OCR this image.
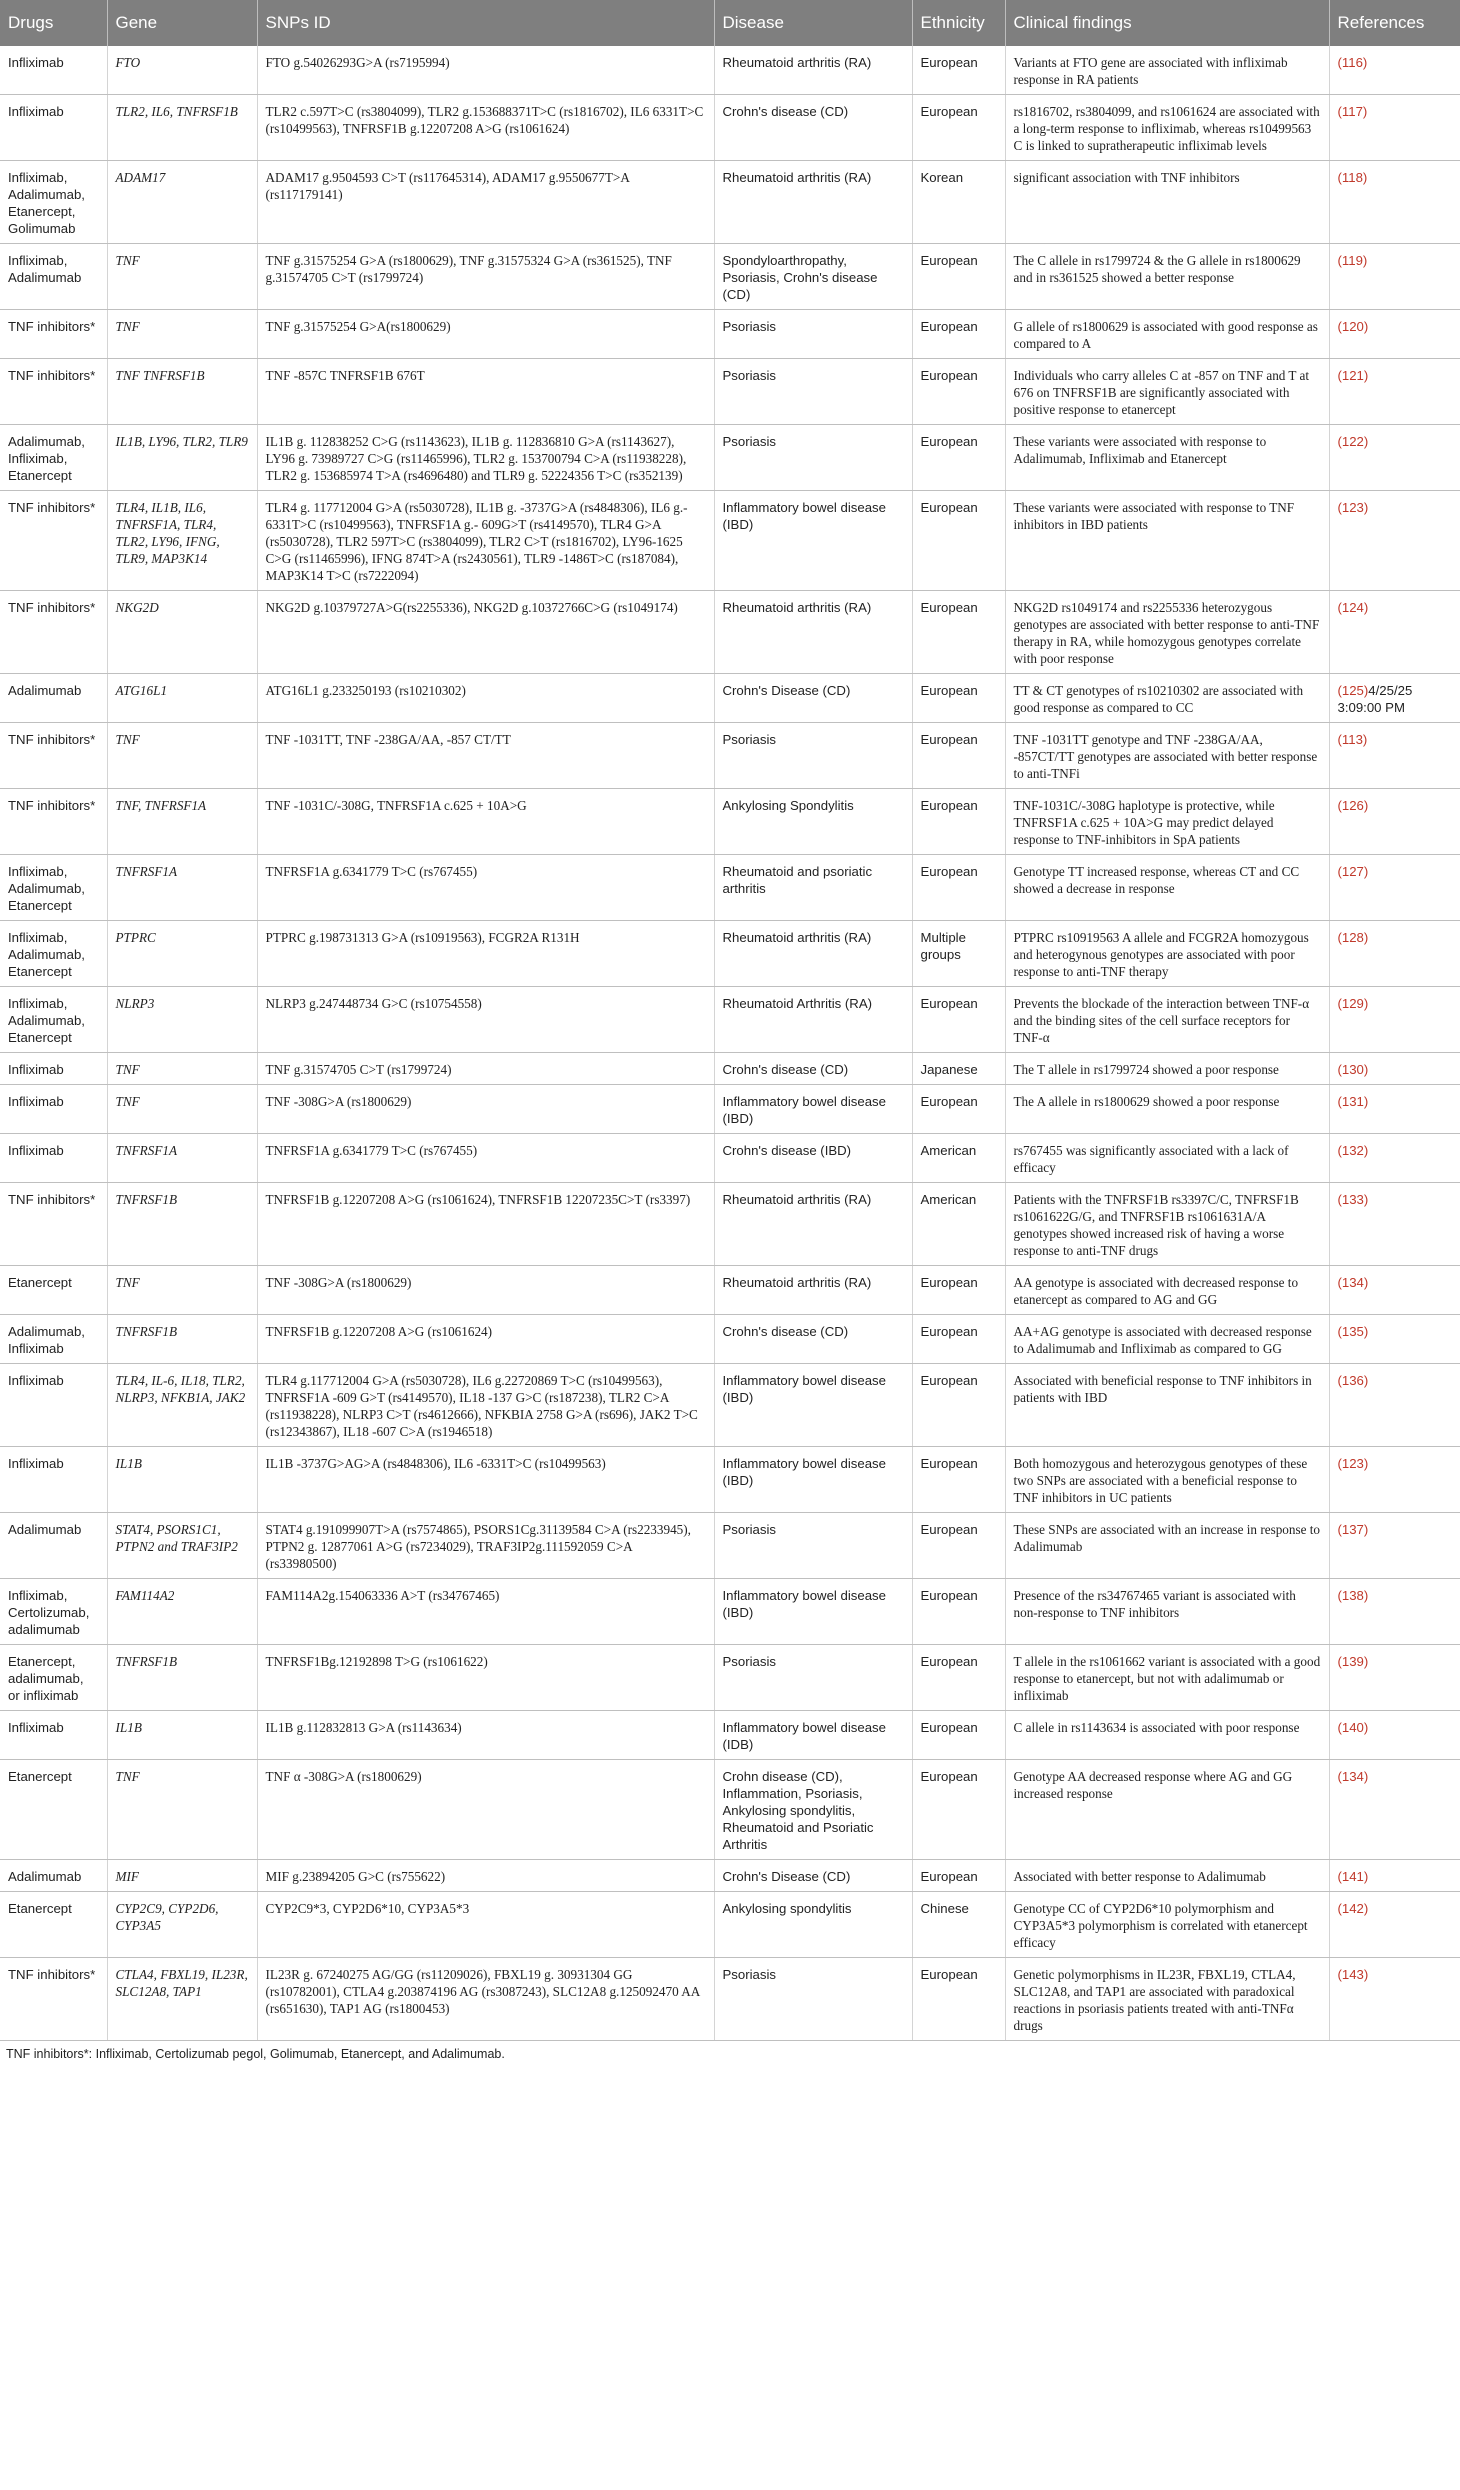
Drugs	Gene	SNPs ID	Disease	Ethnicity	Clinical findings	References
Infliximab	FTO	FTO g.54026293G>A (rs7195994)	Rheumatoid arthritis (RA)	European	Variants at FTO gene are associated with infliximab response in RA patients	(116)
Infliximab	TLR2, IL6, TNFRSF1B	TLR2 c.597T>C (rs3804099), TLR2 g.153688371T>C (rs1816702), IL6 6331T>C (rs10499563), TNFRSF1B g.12207208 A>G (rs1061624)	Crohn's disease (CD)	European	rs1816702, rs3804099, and rs1061624 are associated with a long-term response to infliximab, whereas rs10499563 C is linked to supratherapeutic infliximab levels	(117)
Infliximab, Adalimumab, Etanercept, Golimumab	ADAM17	ADAM17 g.9504593 C>T (rs117645314), ADAM17 g.9550677T>A (rs117179141)	Rheumatoid arthritis (RA)	Korean	significant association with TNF inhibitors	(118)
Infliximab, Adalimumab	TNF	TNF g.31575254 G>A (rs1800629), TNF g.31575324 G>A (rs361525), TNF g.31574705 C>T (rs1799724)	Spondyloarthropathy, Psoriasis, Crohn's disease (CD)	European	The C allele in rs1799724 & the G allele in rs1800629 and in rs361525 showed a better response	(119)
TNF inhibitors*	TNF	TNF g.31575254 G>A(rs1800629)	Psoriasis	European	G allele of rs1800629 is associated with good response as compared to A	(120)
TNF inhibitors*	TNF TNFRSF1B	TNF -857C TNFRSF1B 676T	Psoriasis	European	Individuals who carry alleles C at -857 on TNF and T at 676 on TNFRSF1B are significantly associated with positive response to etanercept	(121)
Adalimumab, Infliximab, Etanercept	IL1B, LY96, TLR2, TLR9	IL1B g. 112838252 C>G (rs1143623), IL1B g. 112836810 G>A (rs1143627), LY96 g. 73989727 C>G (rs11465996), TLR2 g. 153700794 C>A (rs11938228), TLR2 g. 153685974 T>A (rs4696480) and TLR9 g. 52224356 T>C (rs352139)	Psoriasis	European	These variants were associated with response to Adalimumab, Infliximab and Etanercept	(122)
TNF inhibitors*	TLR4, IL1B, IL6, TNFRSF1A, TLR4, TLR2, LY96, IFNG, TLR9, MAP3K14	TLR4 g. 117712004 G>A (rs5030728), IL1B g. -3737G>A (rs4848306), IL6 g.- 6331T>C (rs10499563), TNFRSF1A g.- 609G>T (rs4149570), TLR4 G>A (rs5030728), TLR2 597T>C (rs3804099), TLR2 C>T (rs1816702), LY96-1625 C>G (rs11465996), IFNG 874T>A (rs2430561), TLR9 -1486T>C (rs187084), MAP3K14 T>C (rs7222094)	Inflammatory bowel disease (IBD)	European	These variants were associated with response to TNF inhibitors in IBD patients	(123)
TNF inhibitors*	NKG2D	NKG2D g.10379727A>G(rs2255336), NKG2D g.10372766C>G (rs1049174)	Rheumatoid arthritis (RA)	European	NKG2D rs1049174 and rs2255336 heterozygous genotypes are associated with better response to anti-TNF therapy in RA, while homozygous genotypes correlate with poor response	(124)
Adalimumab	ATG16L1	ATG16L1 g.233250193 (rs10210302)	Crohn's Disease (CD)	European	TT & CT genotypes of rs10210302 are associated with good response as compared to CC	(125)4/25/25 3:09:00 PM
TNF inhibitors*	TNF	TNF -1031TT, TNF -238GA/AA, -857 CT/TT	Psoriasis	European	TNF -1031TT genotype and TNF -238GA/AA, -857CT/TT genotypes are associated with better response to anti-TNFi	(113)
TNF inhibitors*	TNF, TNFRSF1A	TNF -1031C/-308G, TNFRSF1A c.625 + 10A>G	Ankylosing Spondylitis	European	TNF-1031C/-308G haplotype is protective, while TNFRSF1A c.625 + 10A>G may predict delayed response to TNF-inhibitors in SpA patients	(126)
Infliximab, Adalimumab, Etanercept	TNFRSF1A	TNFRSF1A g.6341779 T>C (rs767455)	Rheumatoid and psoriatic arthritis	European	Genotype TT increased response, whereas CT and CC showed a decrease in response	(127)
Infliximab, Adalimumab, Etanercept	PTPRC	PTPRC g.198731313 G>A (rs10919563), FCGR2A R131H	Rheumatoid arthritis (RA)	Multiple groups	PTPRC rs10919563 A allele and FCGR2A homozygous and heterogynous genotypes are associated with poor response to anti-TNF therapy	(128)
Infliximab, Adalimumab, Etanercept	NLRP3	NLRP3 g.247448734 G>C (rs10754558)	Rheumatoid Arthritis (RA)	European	Prevents the blockade of the interaction between TNF-α and the binding sites of the cell surface receptors for TNF-α	(129)
Infliximab	TNF	TNF g.31574705 C>T (rs1799724)	Crohn's disease (CD)	Japanese	The T allele in rs1799724 showed a poor response	(130)
Infliximab	TNF	TNF -308G>A (rs1800629)	Inflammatory bowel disease (IBD)	European	The A allele in rs1800629 showed a poor response	(131)
Infliximab	TNFRSF1A	TNFRSF1A g.6341779 T>C (rs767455)	Crohn's disease (IBD)	American	rs767455 was significantly associated with a lack of efficacy	(132)
TNF inhibitors*	TNFRSF1B	TNFRSF1B g.12207208 A>G (rs1061624), TNFRSF1B 12207235C>T (rs3397)	Rheumatoid arthritis (RA)	American	Patients with the TNFRSF1B rs3397C/C, TNFRSF1B rs1061622G/G, and TNFRSF1B rs1061631A/A genotypes showed increased risk of having a worse response to anti-TNF drugs	(133)
Etanercept	TNF	TNF -308G>A (rs1800629)	Rheumatoid arthritis (RA)	European	AA genotype is associated with decreased response to etanercept as compared to AG and GG	(134)
Adalimumab, Infliximab	TNFRSF1B	TNFRSF1B g.12207208 A>G (rs1061624)	Crohn's disease (CD)	European	AA+AG genotype is associated with decreased response to Adalimumab and Infliximab as compared to GG	(135)
Infliximab	TLR4, IL-6, IL18, TLR2, NLRP3, NFKB1A, JAK2	TLR4 g.117712004 G>A (rs5030728), IL6 g.22720869 T>C (rs10499563), TNFRSF1A -609 G>T (rs4149570), IL18 -137 G>C (rs187238), TLR2 C>A (rs11938228), NLRP3 C>T (rs4612666), NFKBIA 2758 G>A (rs696), JAK2 T>C (rs12343867), IL18 -607 C>A (rs1946518)	Inflammatory bowel disease (IBD)	European	Associated with beneficial response to TNF inhibitors in patients with IBD	(136)
Infliximab	IL1B	IL1B -3737G>AG>A (rs4848306), IL6 -6331T>C (rs10499563)	Inflammatory bowel disease (IBD)	European	Both homozygous and heterozygous genotypes of these two SNPs are associated with a beneficial response to TNF inhibitors in UC patients	(123)
Adalimumab	STAT4, PSORS1C1, PTPN2 and TRAF3IP2	STAT4 g.191099907T>A (rs7574865), PSORS1Cg.31139584 C>A (rs2233945), PTPN2 g. 12877061 A>G (rs7234029), TRAF3IP2g.111592059 C>A (rs33980500)	Psoriasis	European	These SNPs are associated with an increase in response to Adalimumab	(137)
Infliximab, Certolizumab, adalimumab	FAM114A2	FAM114A2g.154063336 A>T (rs34767465)	Inflammatory bowel disease (IBD)	European	Presence of the rs34767465 variant is associated with non-response to TNF inhibitors	(138)
Etanercept, adalimumab, or infliximab	TNFRSF1B	TNFRSF1Bg.12192898 T>G (rs1061622)	Psoriasis	European	T allele in the rs1061662 variant is associated with a good response to etanercept, but not with adalimumab or infliximab	(139)
Infliximab	IL1B	IL1B g.112832813 G>A (rs1143634)	Inflammatory bowel disease (IDB)	European	C allele in rs1143634 is associated with poor response	(140)
Etanercept	TNF	TNF α -308G>A (rs1800629)	Crohn disease (CD), Inflammation, Psoriasis, Ankylosing spondylitis, Rheumatoid and Psoriatic Arthritis	European	Genotype AA decreased response where AG and GG increased response	(134)
Adalimumab	MIF	MIF g.23894205 G>C (rs755622)	Crohn's Disease (CD)	European	Associated with better response to Adalimumab	(141)
Etanercept	CYP2C9, CYP2D6, CYP3A5	CYP2C9*3, CYP2D6*10, CYP3A5*3	Ankylosing spondylitis	Chinese	Genotype CC of CYP2D6*10 polymorphism and CYP3A5*3 polymorphism is correlated with etanercept efficacy	(142)
TNF inhibitors*	CTLA4, FBXL19, IL23R, SLC12A8, TAP1	IL23R g. 67240275 AG/GG (rs11209026), FBXL19 g. 30931304 GG (rs10782001), CTLA4 g.203874196 AG (rs3087243), SLC12A8 g.125092470 AA (rs651630), TAP1 AG (rs1800453)	Psoriasis	European	Genetic polymorphisms in IL23R, FBXL19, CTLA4, SLC12A8, and TAP1 are associated with paradoxical reactions in psoriasis patients treated with anti-TNFα drugs	(143)
TNF inhibitors*: Infliximab, Certolizumab pegol, Golimumab, Etanercept, and Adalimumab.
